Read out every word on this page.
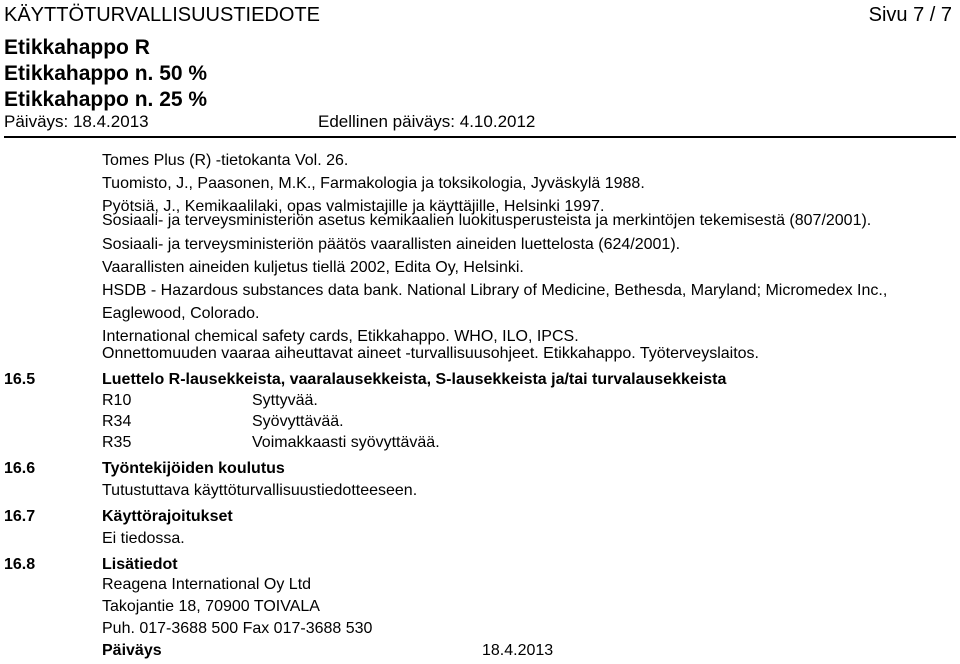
KÄYTTÖTURVALLISUUSTIEDOTE	Sivu 7 / 7
Etikkahappo R
Etikkahappo n. 50 %
Etikkahappo n. 25 %
Päiväys: 18.4.2013	Edellinen päiväys: 4.10.2012
Tomes Plus (R) -tietokanta Vol. 26.
Tuomisto, J., Paasonen, M.K., Farmakologia ja toksikologia, Jyväskylä 1988.
Pyötsiä, J., Kemikaalilaki, opas valmistajille ja käyttäjille, Helsinki 1997.
Sosiaali- ja terveysministeriön asetus kemikaalien luokitusperusteista ja merkintöjen tekemisestä (807/2001).
Sosiaali- ja terveysministeriön päätös vaarallisten aineiden luettelosta (624/2001).
Vaarallisten aineiden kuljetus tiellä 2002, Edita Oy, Helsinki.
HSDB - Hazardous substances data bank. National Library of Medicine, Bethesda, Maryland; Micromedex Inc.,
Eaglewood, Colorado.
International chemical safety cards, Etikkahappo. WHO, ILO, IPCS.
Onnettomuuden vaaraa aiheuttavat aineet -turvallisuusohjeet. Etikkahappo. Työterveyslaitos.
16.5	Luettelo R-lausekkeista, vaaralausekkeista, S-lausekkeista ja/tai turvalausekkeista
R10	Syttyvää.
R34	Syövyttävää.
R35	Voimakkaasti syövyttävää.
16.6	Työntekijöiden koulutus
Tutustuttava käyttöturvallisuustiedotteeseen.
16.7	Käyttörajoitukset
Ei tiedossa.
16.8	Lisätiedot
Reagena International Oy Ltd
Takojantie 18, 70900 TOIVALA
Puh. 017-3688 500 Fax 017-3688 530
Päiväys	18.4.2013
